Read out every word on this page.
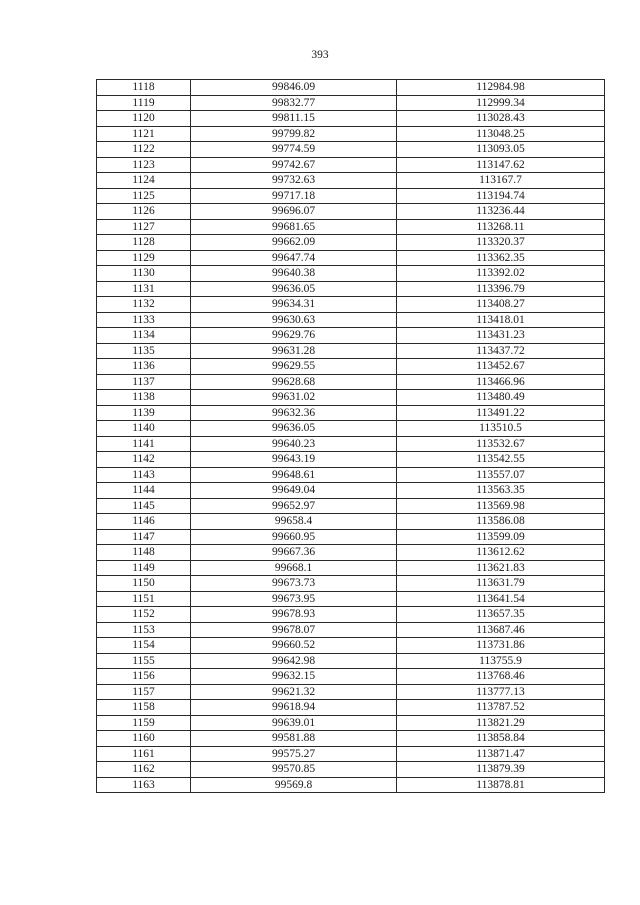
393
1118	99846.09	112984.98
1119	99832.77	112999.34
1120	99811.15	113028.43
1121	99799.82	113048.25
1122	99774.59	113093.05
1123	99742.67	113147.62
1124	99732.63	113167.7
1125	99717.18	113194.74
1126	99696.07	113236.44
1127	99681.65	113268.11
1128	99662.09	113320.37
1129	99647.74	113362.35
1130	99640.38	113392.02
1131	99636.05	113396.79
1132	99634.31	113408.27
1133	99630.63	113418.01
1134	99629.76	113431.23
1135	99631.28	113437.72
1136	99629.55	113452.67
1137	99628.68	113466.96
1138	99631.02	113480.49
1139	99632.36	113491.22
1140	99636.05	113510.5
1141	99640.23	113532.67
1142	99643.19	113542.55
1143	99648.61	113557.07
1144	99649.04	113563.35
1145	99652.97	113569.98
1146	99658.4	113586.08
1147	99660.95	113599.09
1148	99667.36	113612.62
1149	99668.1	113621.83
1150	99673.73	113631.79
1151	99673.95	113641.54
1152	99678.93	113657.35
1153	99678.07	113687.46
1154	99660.52	113731.86
1155	99642.98	113755.9
1156	99632.15	113768.46
1157	99621.32	113777.13
1158	99618.94	113787.52
1159	99639.01	113821.29
1160	99581.88	113858.84
1161	99575.27	113871.47
1162	99570.85	113879.39
1163	99569.8	113878.81
